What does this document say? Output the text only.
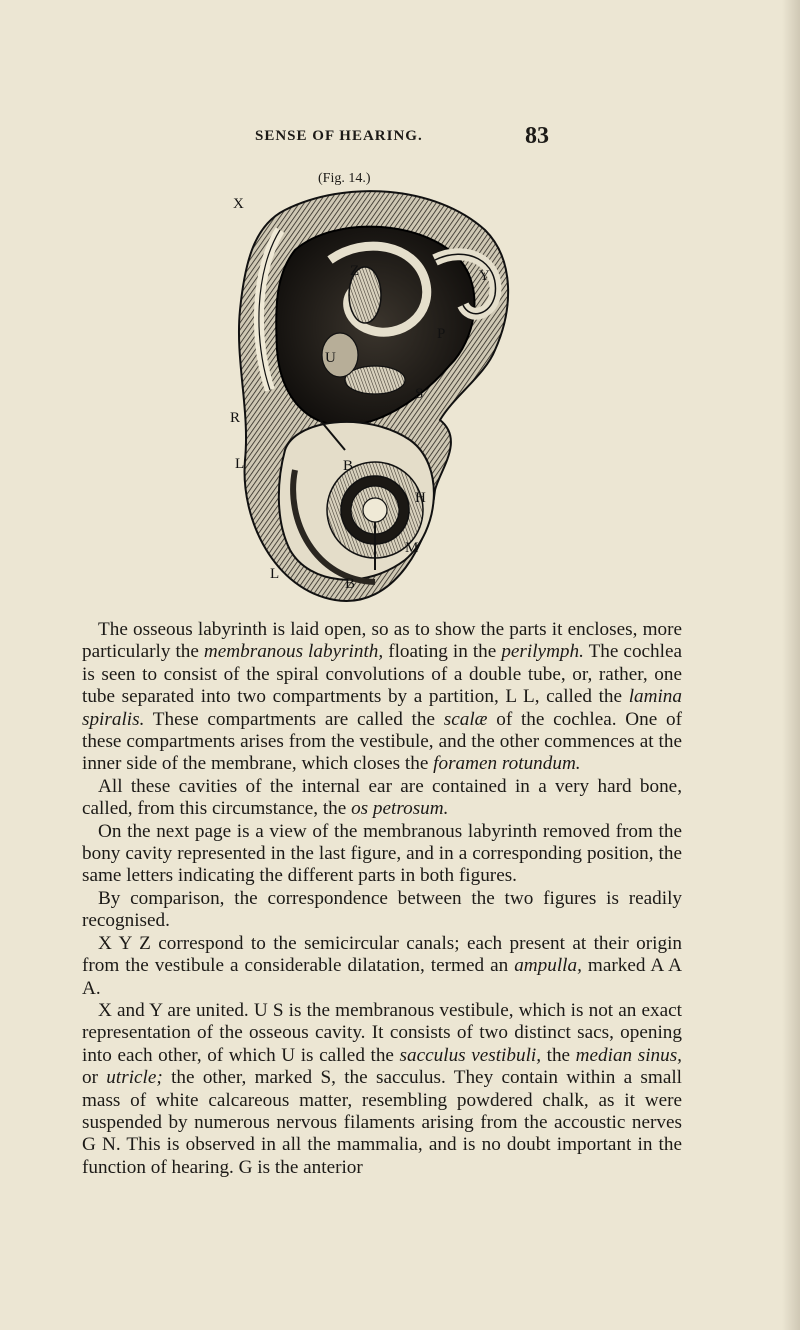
SENSE OF HEARING.	83
(Fig. 14.)
X
Y
Z
P
U
S
R
L	B
H
M
L
B

The osseous labyrinth is laid open, so as to show the parts it encloses, more particularly the membranous labyrinth, floating in the perilymph. The cochlea is seen to consist of the spiral convolutions of a double tube, or, rather, one tube separated into two compartments by a partition, L L, called the lamina spiralis. These compartments are called the scalæ of the cochlea. One of these compartments arises from the vestibule, and the other commences at the inner side of the membrane, which closes the foramen rotundum.

All these cavities of the internal ear are contained in a very hard bone, called, from this circumstance, the os petrosum.

On the next page is a view of the membranous labyrinth removed from the bony cavity represented in the last figure, and in a corresponding position, the same letters indicating the different parts in both figures.

By comparison, the correspondence between the two figures is readily recognised.

X Y Z correspond to the semicircular canals; each present at their origin from the vestibule a considerable dilatation, termed an ampulla, marked A A A.

X and Y are united. U S is the membranous vestibule, which is not an exact representation of the osseous cavity. It consists of two distinct sacs, opening into each other, of which U is called the sacculus vestibuli, the median sinus, or utricle; the other, marked S, the sacculus. They contain within a small mass of white calcareous matter, resembling powdered chalk, as it were suspended by numerous nervous filaments arising from the accoustic nerves G N. This is observed in all the mammalia, and is no doubt important in the function of hearing. G is the anterior
